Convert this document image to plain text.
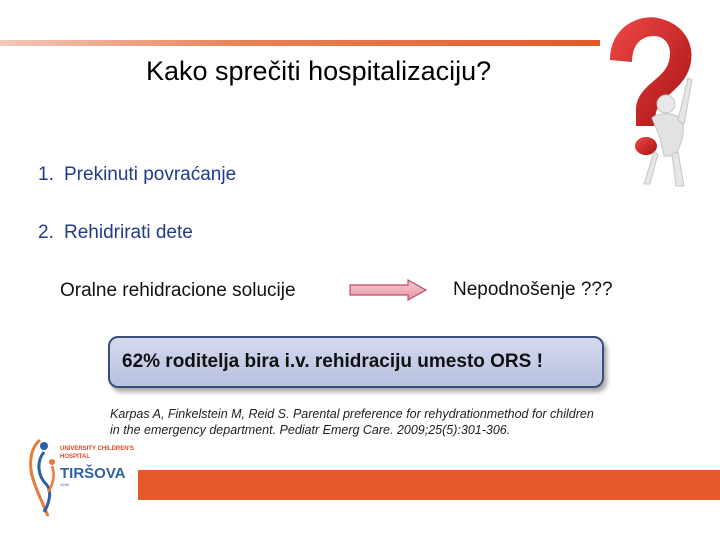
Kako sprečiti hospitalizaciju?
1. Prekinuti povraćanje
2. Rehidrirati dete
Oralne rehidracione solucije	Nepodnošenje ???
62% roditelja bira i.v. rehidraciju umesto ORS !
Karpas A, Finkelstein M, Reid S. Parental preference for rehydrationmethod for children in the emergency department. Pediatr Emerg Care. 2009;25(5):301-306.
UNIVERSITY CHILDREN'S
HOSPITAL
TIRŠOVA
1940
